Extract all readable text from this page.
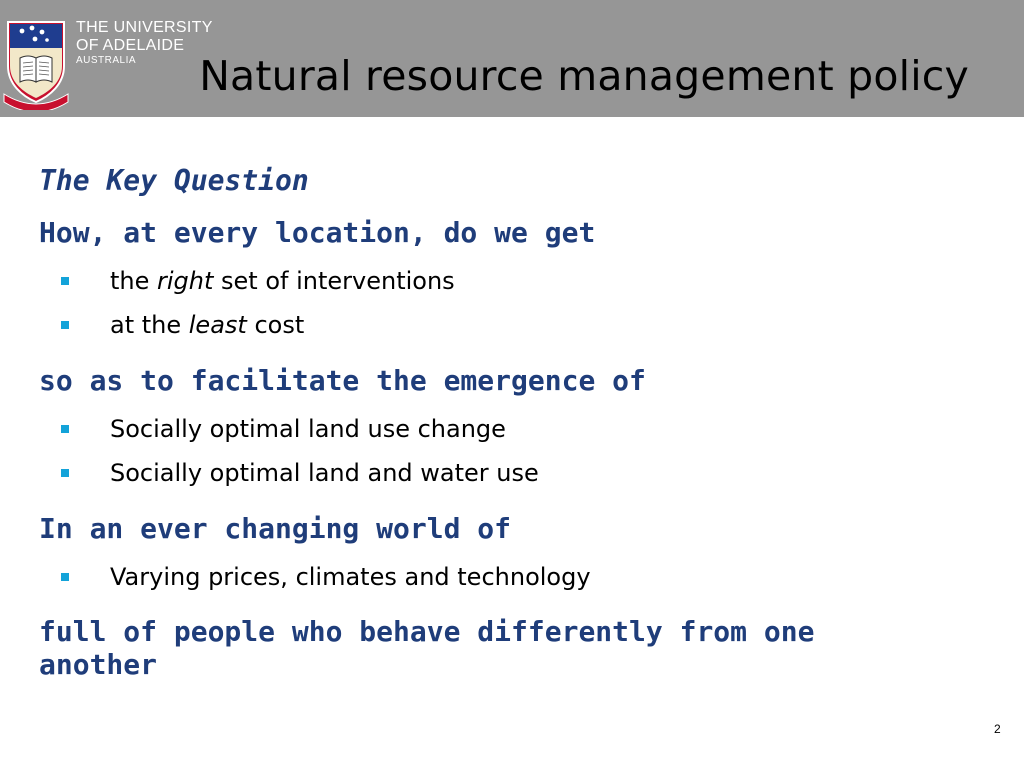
THE UNIVERSITY
OF ADELAIDE
AUSTRALIA	Natural resource management policy

The Key Question

How, at every location, do we get

the right set of interventions
at the least cost

so as to facilitate the emergence of

Socially optimal land use change
Socially optimal land and water use

In an ever changing world of

Varying prices, climates and technology

full of people who behave differently from one another

2
